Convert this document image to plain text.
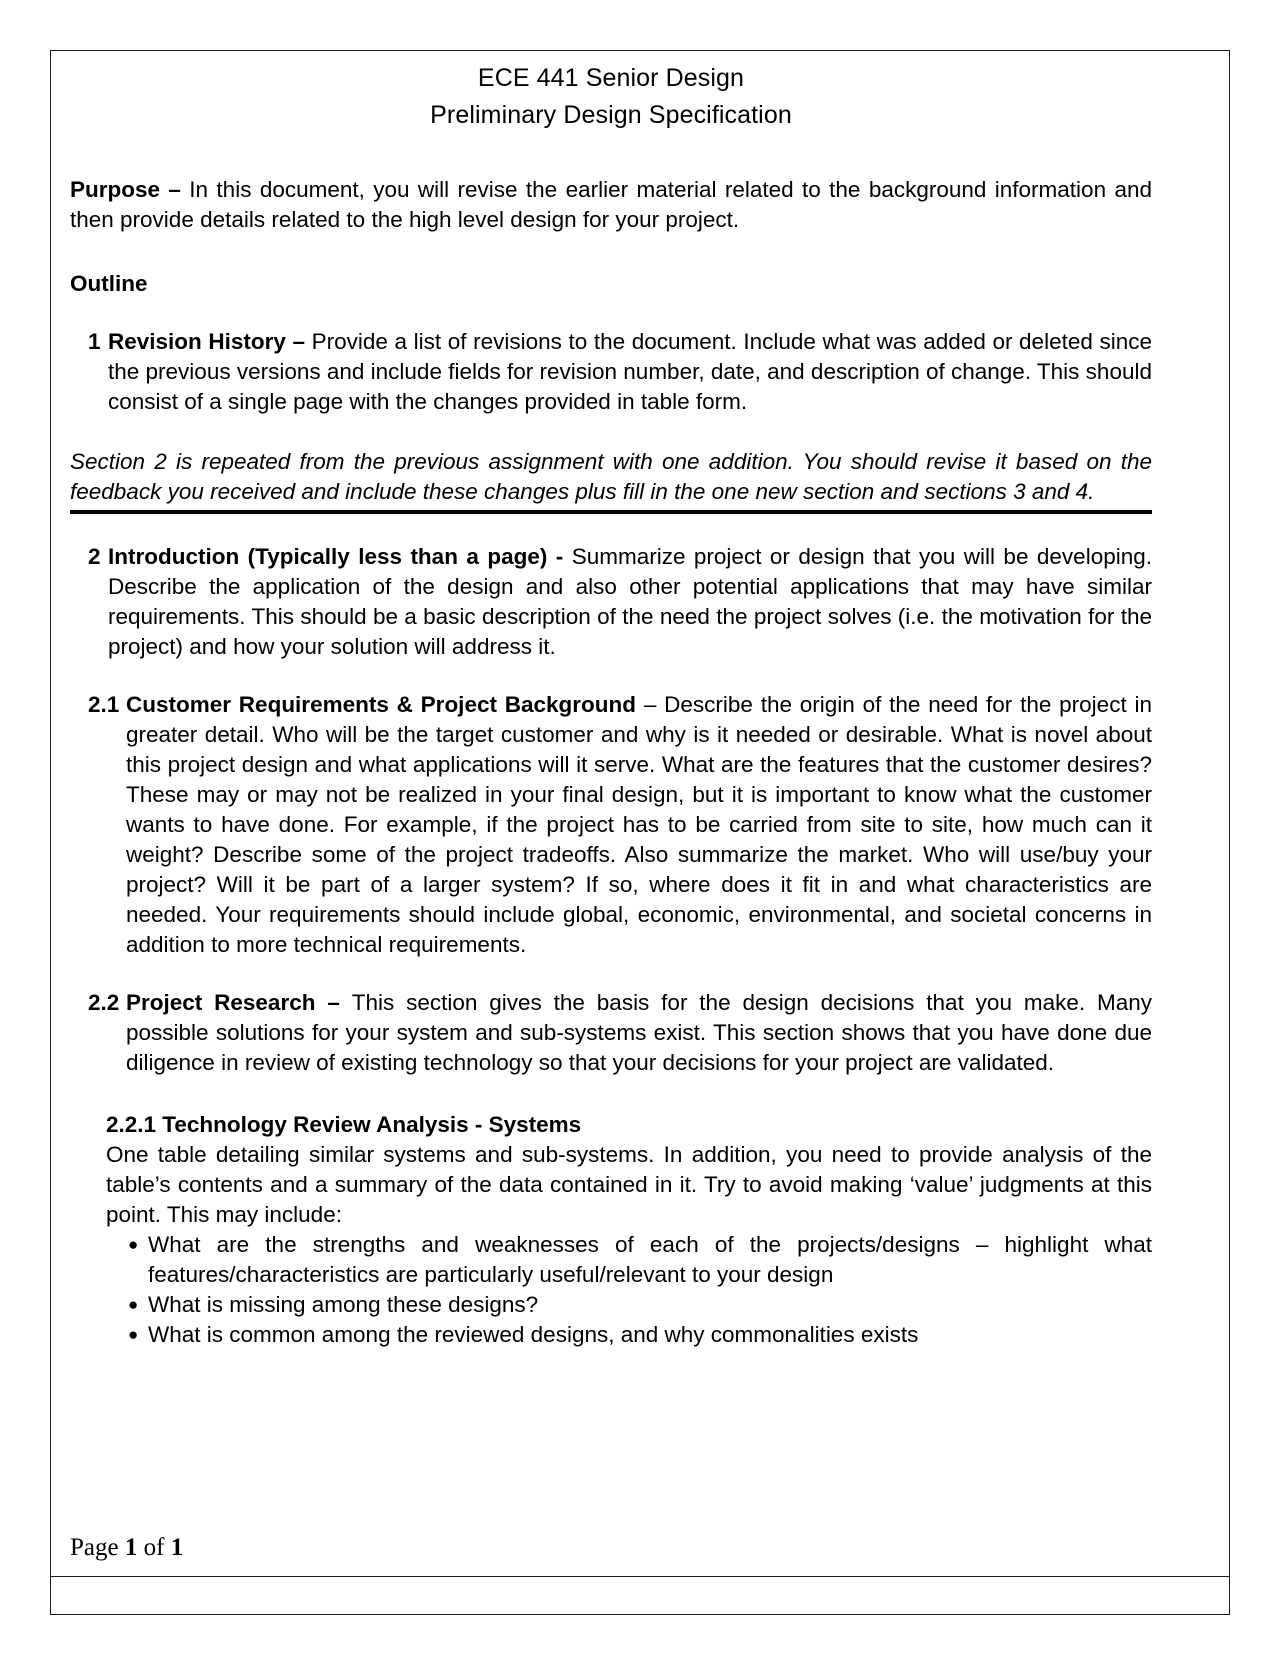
ECE 441 Senior Design
Preliminary Design Specification

Purpose – In this document, you will revise the earlier material related to the background information and then provide details related to the high level design for your project.

Outline
1 Revision History – Provide a list of revisions to the document. Include what was added or deleted since the previous versions and include fields for revision number, date, and description of change. This should consist of a single page with the changes provided in table form.
Section 2 is repeated from the previous assignment with one addition. You should revise it based on the feedback you received and include these changes plus fill in the one new section and sections 3 and 4.
2 Introduction (Typically less than a page) - Summarize project or design that you will be developing. Describe the application of the design and also other potential applications that may have similar requirements. This should be a basic description of the need the project solves (i.e. the motivation for the project) and how your solution will address it.
2.1 Customer Requirements & Project Background – Describe the origin of the need for the project in greater detail. Who will be the target customer and why is it needed or desirable. What is novel about this project design and what applications will it serve. What are the features that the customer desires? These may or may not be realized in your final design, but it is important to know what the customer wants to have done. For example, if the project has to be carried from site to site, how much can it weight? Describe some of the project tradeoffs. Also summarize the market. Who will use/buy your project? Will it be part of a larger system? If so, where does it fit in and what characteristics are needed. Your requirements should include global, economic, environmental, and societal concerns in addition to more technical requirements.
2.2 Project Research – This section gives the basis for the design decisions that you make. Many possible solutions for your system and sub-systems exist. This section shows that you have done due diligence in review of existing technology so that your decisions for your project are validated.
2.2.1 Technology Review Analysis - Systems
One table detailing similar systems and sub-systems. In addition, you need to provide analysis of the table’s contents and a summary of the data contained in it. Try to avoid making ‘value’ judgments at this point. This may include:
● What are the strengths and weaknesses of each of the projects/designs – highlight what features/characteristics are particularly useful/relevant to your design
● What is missing among these designs?
● What is common among the reviewed designs, and why commonalities exists
Page 1 of 1
